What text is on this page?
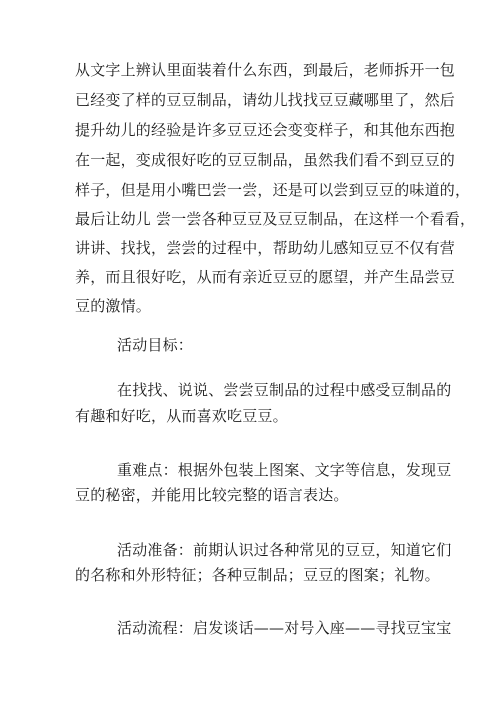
从文字上辨认里面装着什么东西，到最后，老师拆开一包
已经变了样的豆豆制品，请幼儿找找豆豆藏哪里了，然后
提升幼儿的经验是许多豆豆还会变变样子，和其他东西抱
在一起，变成很好吃的豆豆制品，虽然我们看不到豆豆的
样子，但是用小嘴巴尝一尝，还是可以尝到豆豆的味道的，
最后让幼儿 尝一尝各种豆豆及豆豆制品，在这样一个看看，
讲讲、找找，尝尝的过程中，帮助幼儿感知豆豆不仅有营
养，而且很好吃，从而有亲近豆豆的愿望，并产生品尝豆
豆的激情。
活动目标：
在找找、说说、尝尝豆制品的过程中感受豆制品的
有趣和好吃，从而喜欢吃豆豆。
重难点：根据外包装上图案、文字等信息，发现豆
豆的秘密，并能用比较完整的语言表达。
活动准备：前期认识过各种常见的豆豆，知道它们
的名称和外形特征；各种豆制品；豆豆的图案；礼物。
活动流程：启发谈话——对号入座——寻找豆宝宝
